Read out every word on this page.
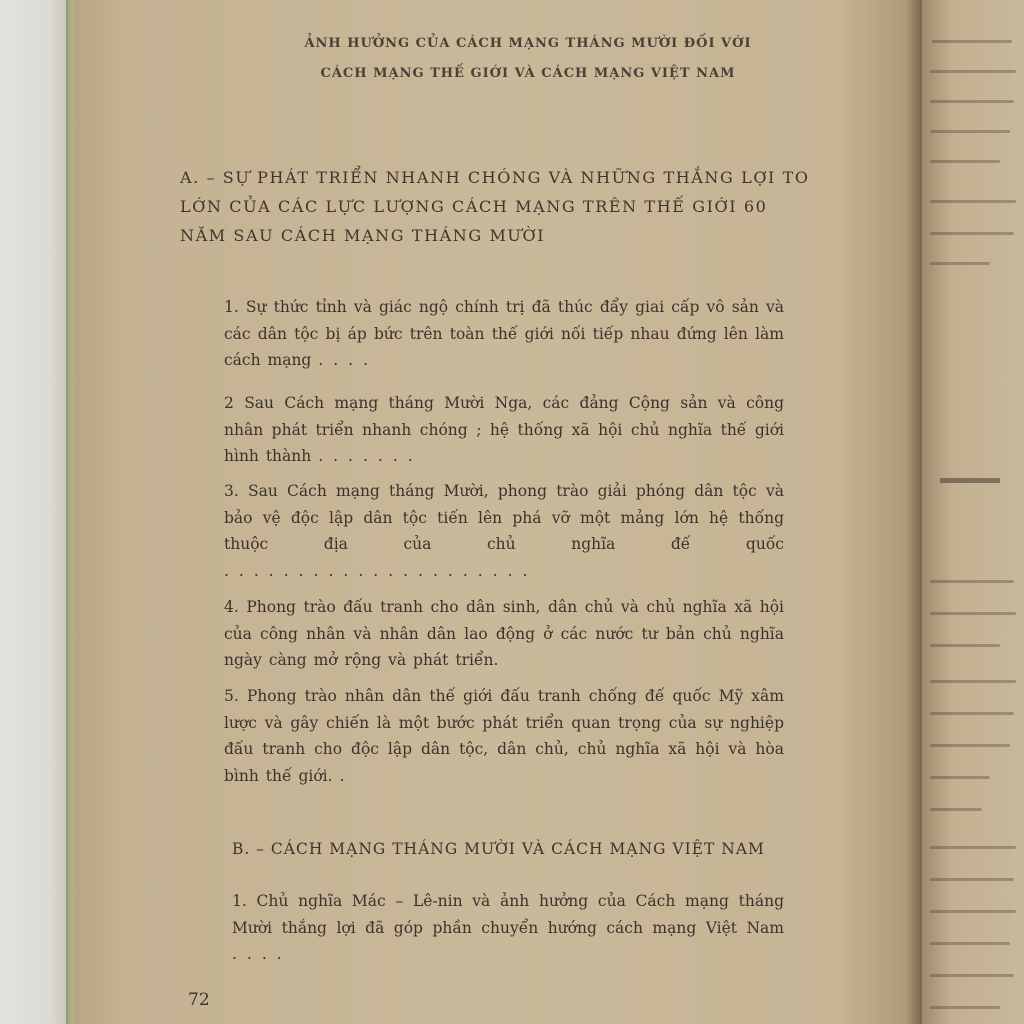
ẢNH HƯỞNG CỦA CÁCH MẠNG THÁNG MƯỜI ĐỐI VỚI
CÁCH MẠNG THẾ GIỚI VÀ CÁCH MẠNG VIỆT NAM
A. – SỰ PHÁT TRIỂN NHANH CHÓNG VÀ NHỮNG THẮNG LỢI TO
LỚN CỦA CÁC LỰC LƯỢNG CÁCH MẠNG TRÊN THẾ GIỚI 60
NĂM SAU CÁCH MẠNG THÁNG MƯỜI
1. Sự thức tỉnh và giác ngộ chính trị đã thúc đẩy giai cấp vô sản và các dân tộc bị áp bức trên toàn thế giới nối tiếp nhau đứng lên làm cách mạng ....
2 Sau Cách mạng tháng Mười Nga, các đảng Cộng sản và công nhân phát triển nhanh chóng ; hệ thống xã hội chủ nghĩa thế giới hình thành .......
3. Sau Cách mạng tháng Mười, phong trào giải phóng dân tộc và bảo vệ độc lập dân tộc tiến lên phá vỡ một mảng lớn hệ thống thuộc địa của chủ nghĩa đế quốc .....................
4. Phong trào đấu tranh cho dân sinh, dân chủ và chủ nghĩa xã hội của công nhân và nhân dân lao động ở các nước tư bản chủ nghĩa ngày càng mở rộng và phát triển.
5. Phong trào nhân dân thế giới đấu tranh chống đế quốc Mỹ xâm lược và gây chiến là một bước phát triển quan trọng của sự nghiệp đấu tranh cho độc lập dân tộc, dân chủ, chủ nghĩa xã hội và hòa bình thế giới. .
B. – CÁCH MẠNG THÁNG MƯỜI VÀ CÁCH MẠNG VIỆT NAM
1. Chủ nghĩa Mác – Lê-nin và ảnh hưởng của Cách mạng tháng Mười thắng lợi đã góp phần chuyển hướng cách mạng Việt Nam ....
72
